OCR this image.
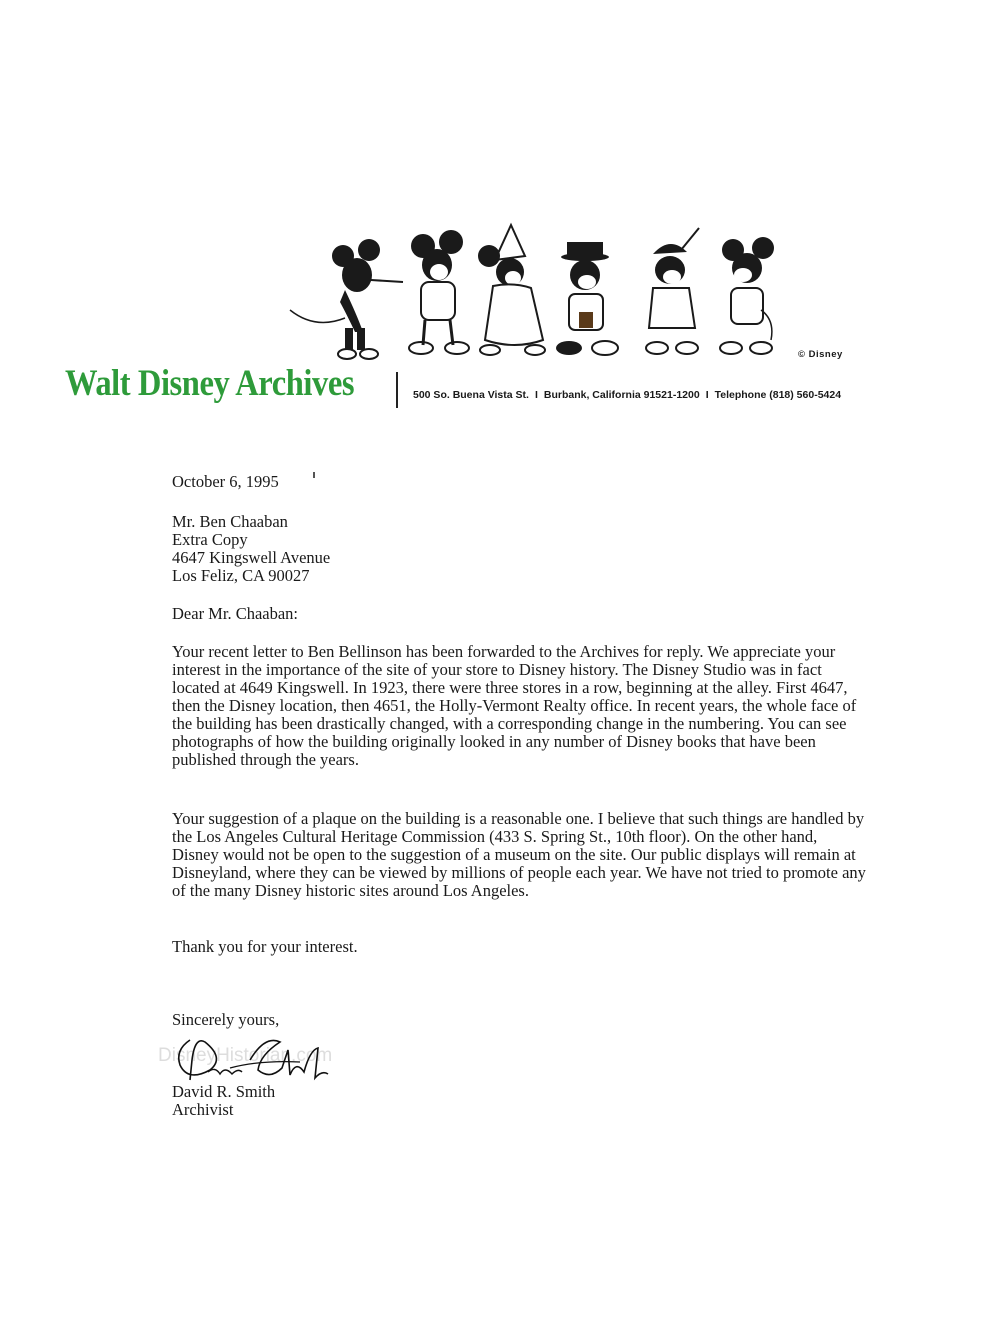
© Disney
Walt Disney Archives	500 So. Buena Vista St. I Burbank, California 91521-1200 I Telephone (818) 560-5424
October 6, 1995
Mr. Ben Chaaban
Extra Copy
4647 Kingswell Avenue
Los Feliz, CA 90027
Dear Mr. Chaaban:

Your recent letter to Ben Bellinson has been forwarded to the Archives for reply. We appreciate your interest in the importance of the site of your store to Disney history. The Disney Studio was in fact located at 4649 Kingswell. In 1923, there were three stores in a row, beginning at the alley. First 4647, then the Disney location, then 4651, the Holly-Vermont Realty office. In recent years, the whole face of the building has been drastically changed, with a corresponding change in the numbering. You can see photographs of how the building originally looked in any number of Disney books that have been published through the years.

Your suggestion of a plaque on the building is a reasonable one. I believe that such things are handled by the Los Angeles Cultural Heritage Commission (433 S. Spring St., 10th floor). On the other hand, Disney would not be open to the suggestion of a museum on the site. Our public displays will remain at Disneyland, where they can be viewed by millions of people each year. We have not tried to promote any of the many Disney historic sites around Los Angeles.

Thank you for your interest.
Sincerely yours,
DisneyHistorian.com
David R. Smith
Archivist
